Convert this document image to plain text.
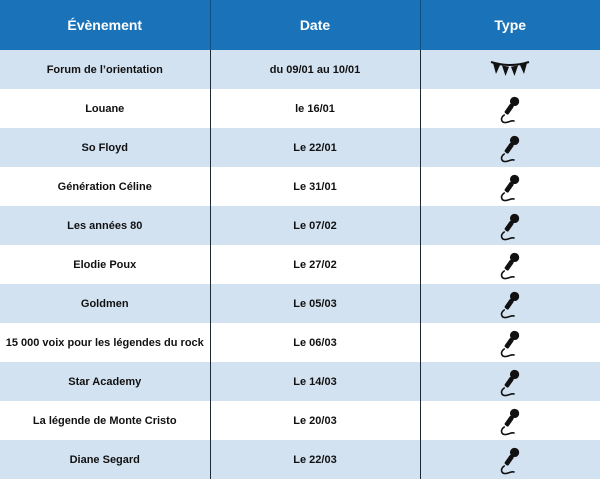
Évènement	Date	Type
Forum de l’orientation	du 09/01 au 10/01	

Louane	le 16/01	

So Floyd	Le 22/01	

Génération Céline	Le 31/01	

Les années 80	Le 07/02	

Elodie Poux	Le 27/02	

Goldmen	Le 05/03	

15 000 voix pour les légendes du rock	Le 06/03	

Star Academy	Le 14/03	

La légende de Monte Cristo	Le 20/03	

Diane Segard	Le 22/03	
